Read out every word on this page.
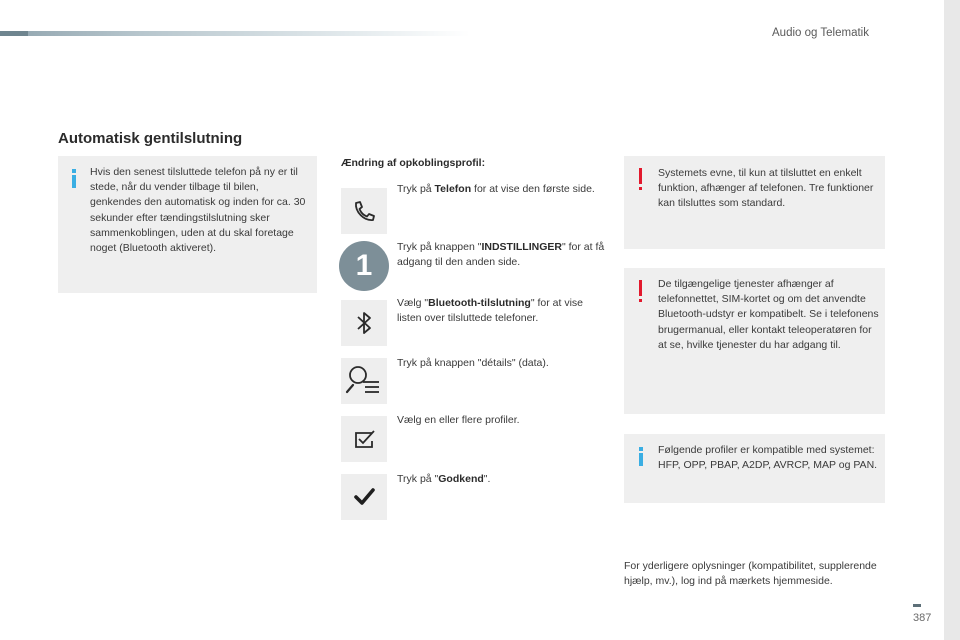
Audio og Telematik
Automatisk gentilslutning
Hvis den senest tilsluttede telefon på ny er til stede, når du vender tilbage til bilen, genkendes den automatisk og inden for ca. 30 sekunder efter tændingstilslutning sker sammenkoblingen, uden at du skal foretage noget (Bluetooth aktiveret).
Ændring af opkoblingsprofil:
1
Tryk på Telefon for at vise den første side.
Tryk på knappen "INDSTILLINGER" for at få adgang til den anden side.
Vælg "Bluetooth-tilslutning" for at vise listen over tilsluttede telefoner.
Tryk på knappen "détails" (data).
Vælg en eller flere profiler.
Tryk på "Godkend".
Systemets evne, til kun at tilsluttet en enkelt funktion, afhænger af telefonen. Tre funktioner kan tilsluttes som standard.
De tilgængelige tjenester afhænger af telefonnettet, SIM-kortet og om det anvendte Bluetooth-udstyr er kompatibelt. Se i telefonens brugermanual, eller kontakt teleoperatøren for at se, hvilke tjenester du har adgang til.
Følgende profiler er kompatible med systemet: HFP, OPP, PBAP, A2DP, AVRCP, MAP og PAN.
For yderligere oplysninger (kompatibilitet, supplerende hjælp, mv.), log ind på mærkets hjemmeside.
387
